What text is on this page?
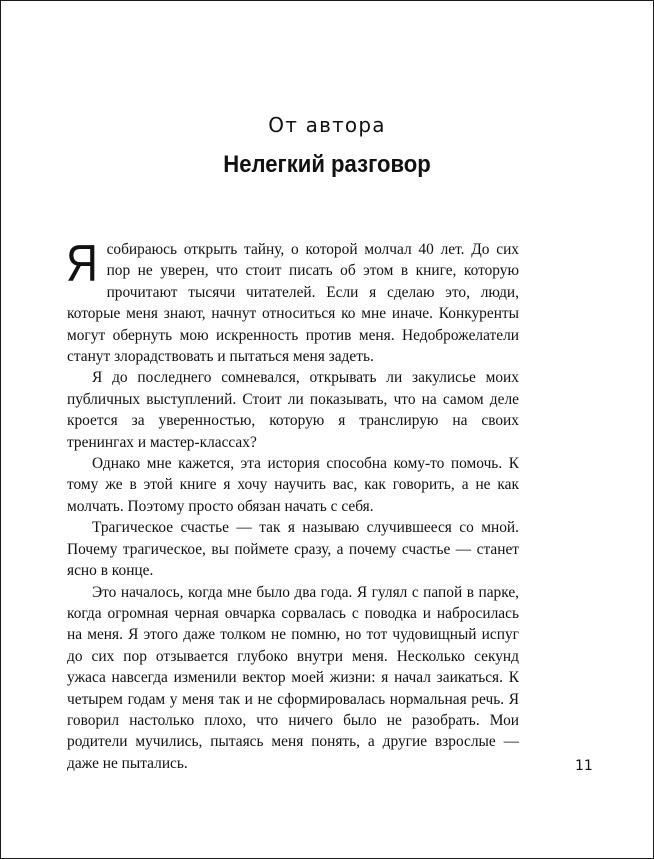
От автора
Нелегкий разговор

Я собираюсь открыть тайну, о которой молчал 40 лет. До сих пор не уверен, что стоит писать об этом в книге, которую прочитают тысячи читателей. Если я сделаю это, люди, которые меня знают, начнут относиться ко мне иначе. Конкуренты могут обернуть мою искренность против меня. Недоброжелатели станут злорадствовать и пытаться меня задеть.

Я до последнего сомневался, открывать ли закулисье моих публичных выступлений. Стоит ли показывать, что на самом деле кроется за уверенностью, которую я транслирую на своих тренингах и мастер-классах?

Однако мне кажется, эта история способна кому-то помочь. К тому же в этой книге я хочу научить вас, как говорить, а не как молчать. Поэтому просто обязан начать с себя.

Трагическое счастье — так я называю случившееся со мной. Почему трагическое, вы поймете сразу, а почему счастье — станет ясно в конце.

Это началось, когда мне было два года. Я гулял с папой в парке, когда огромная черная овчарка сорвалась с поводка и набросилась на меня. Я этого даже толком не помню, но тот чудовищный испуг до сих пор отзывается глубоко внутри меня. Несколько секунд ужаса навсегда изменили вектор моей жизни: я начал заикаться. К четырем годам у меня так и не сформировалась нормальная речь. Я говорил настолько плохо, что ничего было не разобрать. Мои родители мучились, пытаясь меня понять, а другие взрослые — даже не пытались.	11
